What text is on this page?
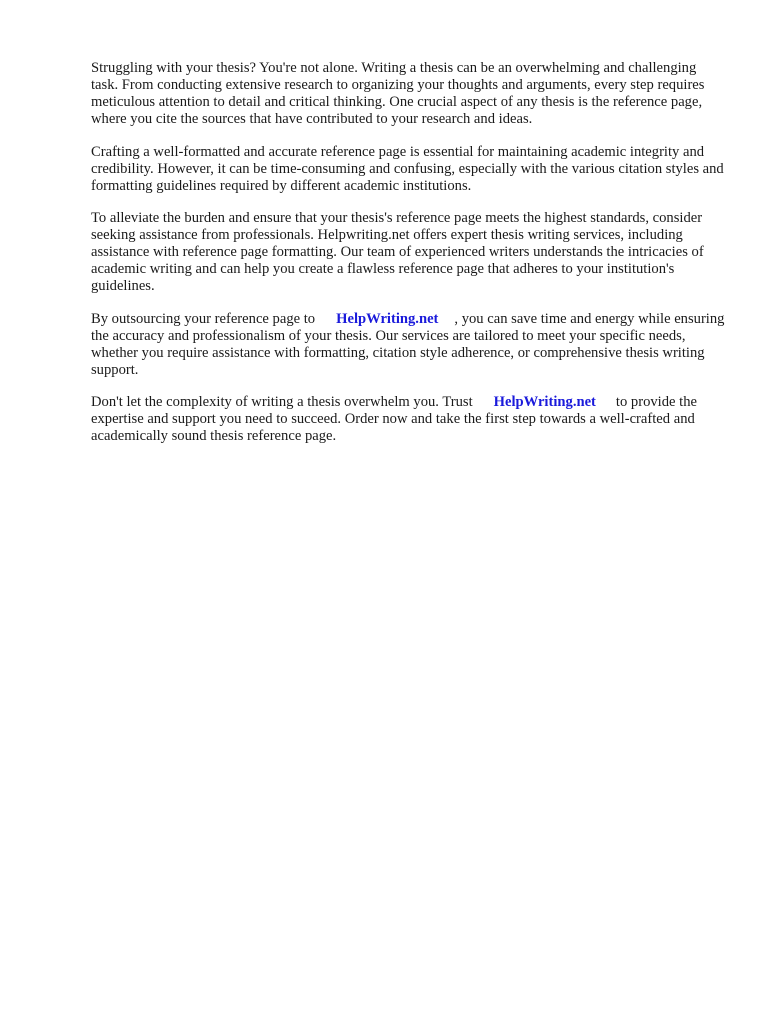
Struggling with your thesis? You're not alone. Writing a thesis can be an overwhelming and challenging task. From conducting extensive research to organizing your thoughts and arguments, every step requires meticulous attention to detail and critical thinking. One crucial aspect of any thesis is the reference page, where you cite the sources that have contributed to your research and ideas.

Crafting a well-formatted and accurate reference page is essential for maintaining academic integrity and credibility. However, it can be time-consuming and confusing, especially with the various citation styles and formatting guidelines required by different academic institutions.

To alleviate the burden and ensure that your thesis's reference page meets the highest standards, consider seeking assistance from professionals. Helpwriting.net offers expert thesis writing services, including assistance with reference page formatting. Our team of experienced writers understands the intricacies of academic writing and can help you create a flawless reference page that adheres to your institution's guidelines.

By outsourcing your reference page to HelpWriting.net , you can save time and energy while ensuring the accuracy and professionalism of your thesis. Our services are tailored to meet your specific needs, whether you require assistance with formatting, citation style adherence, or comprehensive thesis writing support.

Don't let the complexity of writing a thesis overwhelm you. Trust HelpWriting.net to provide the expertise and support you need to succeed. Order now and take the first step towards a well-crafted and academically sound thesis reference page.
